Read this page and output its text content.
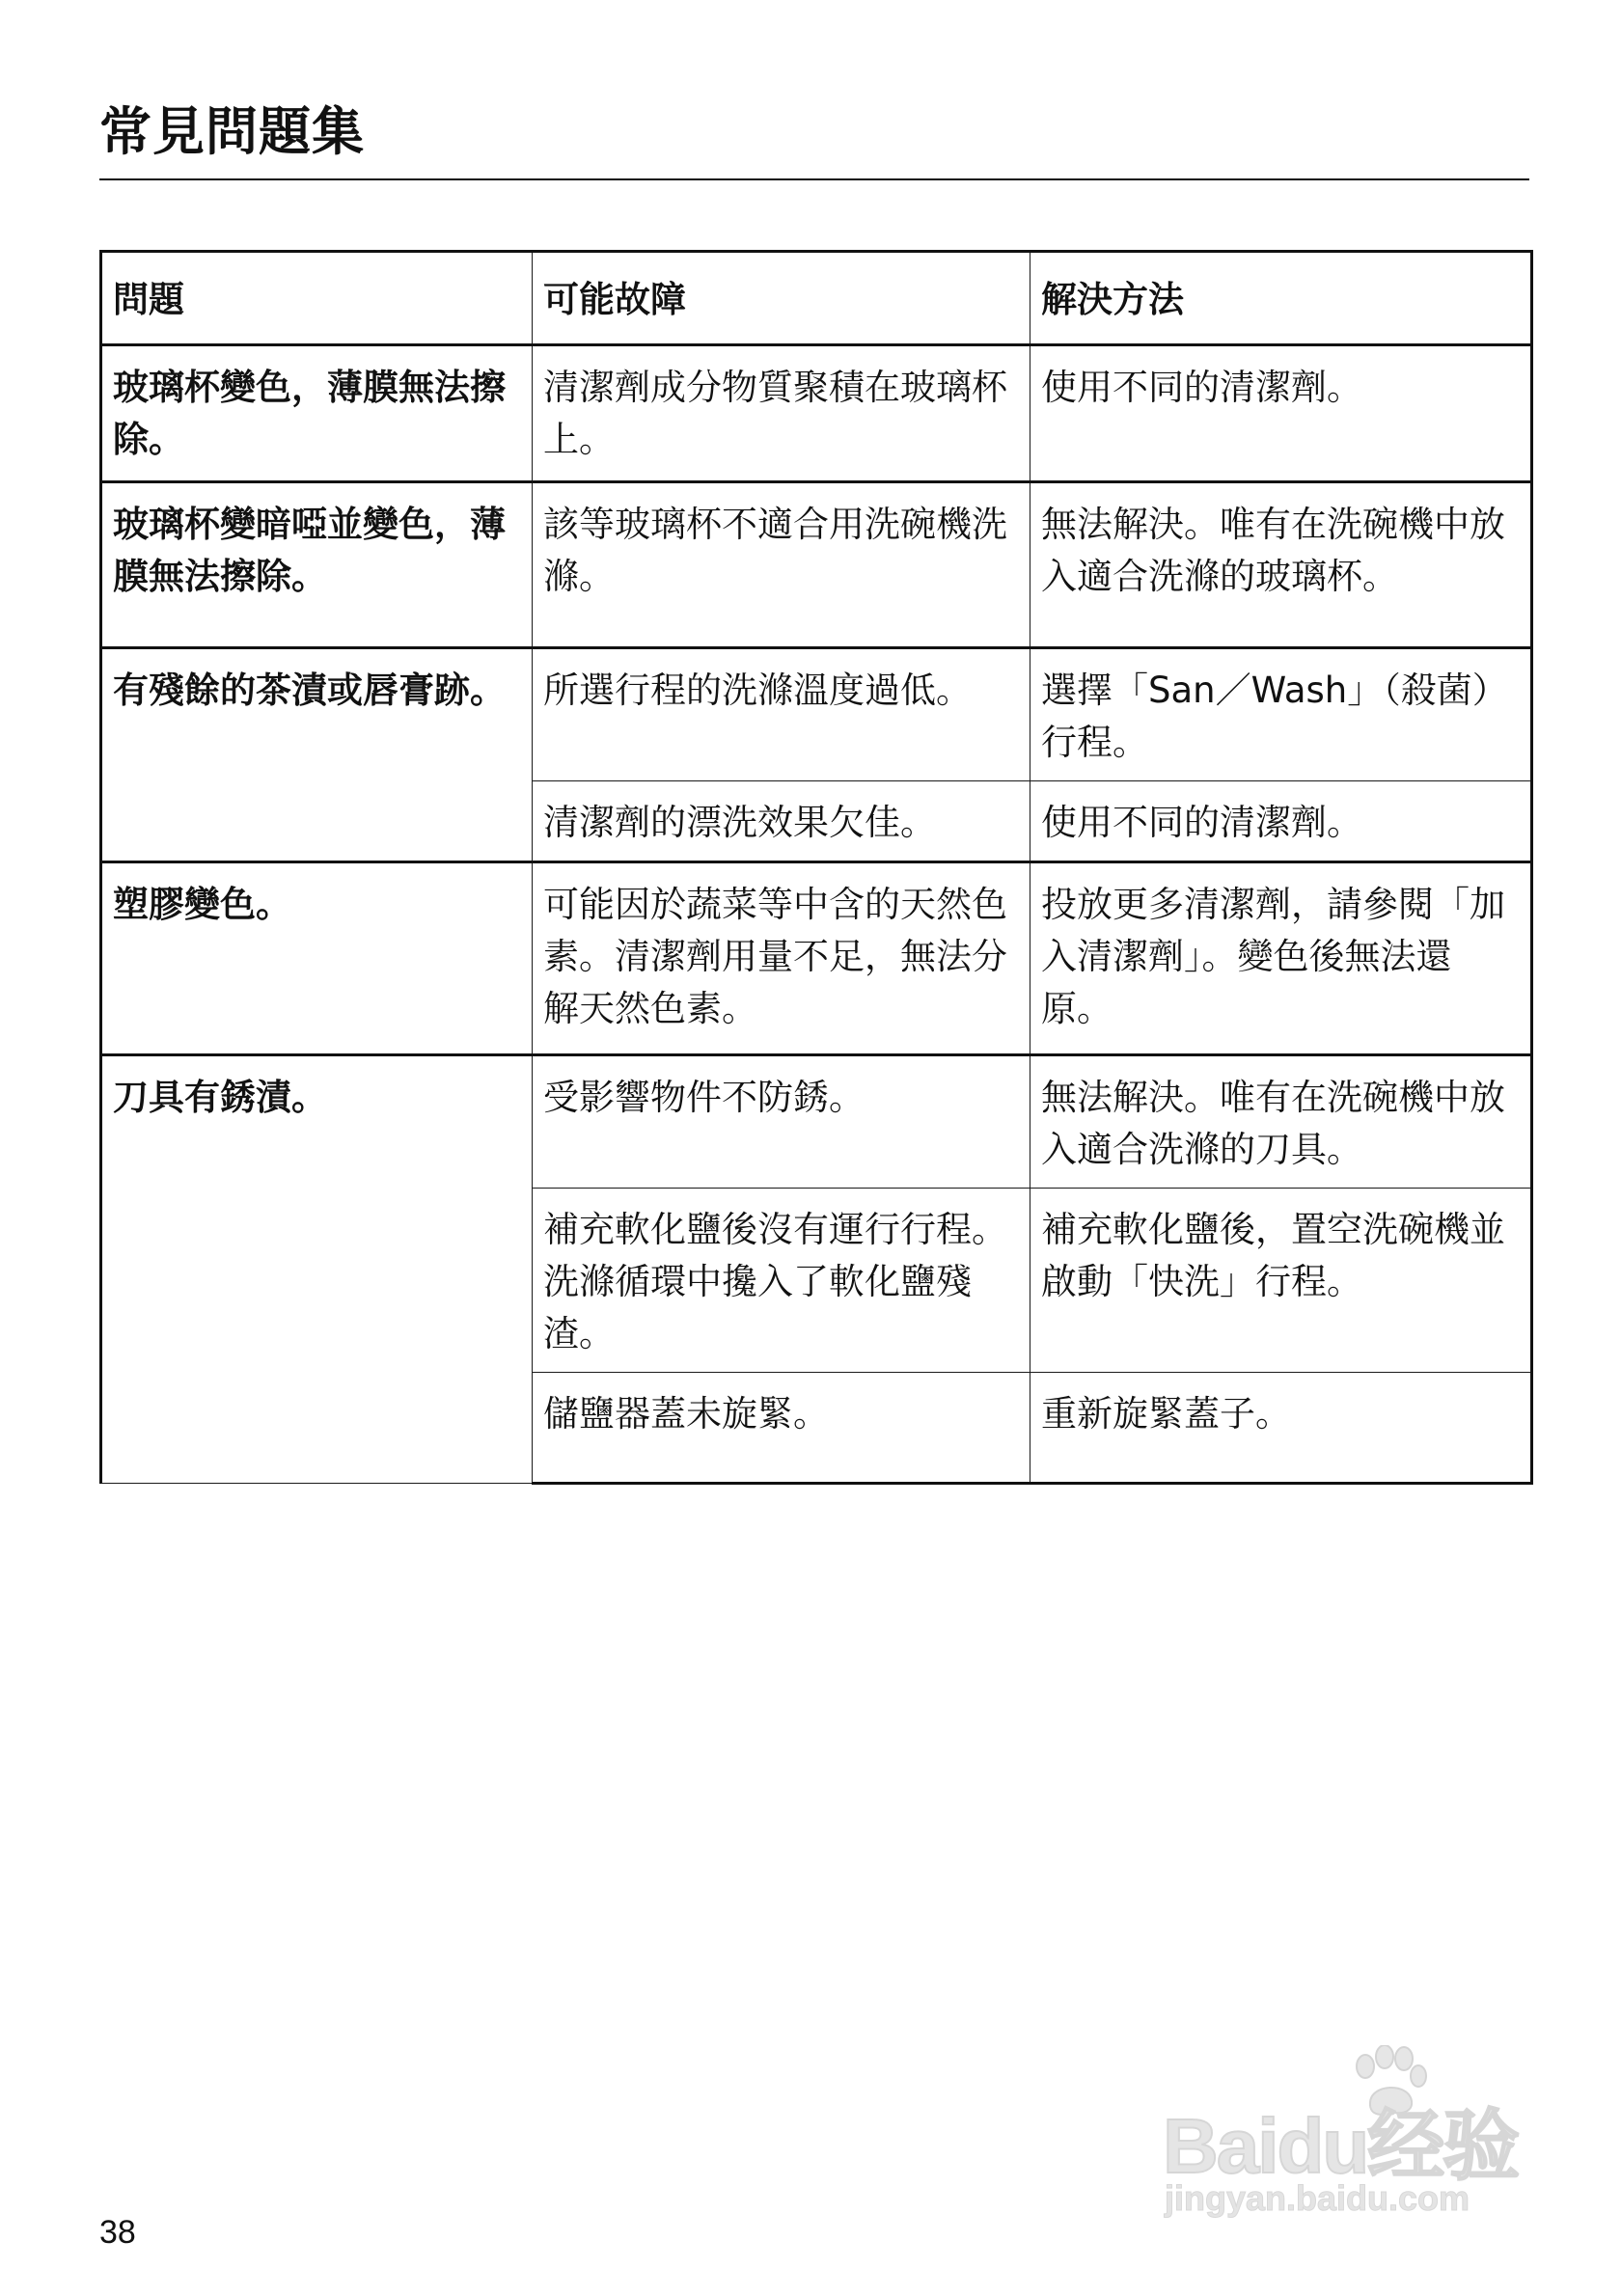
常見問題集
問題	可能故障	解決方法
玻璃杯變色，薄膜無法擦除。	清潔劑成分物質聚積在玻璃杯上。	使用不同的清潔劑。
玻璃杯變暗啞並變色，薄膜無法擦除。	該等玻璃杯不適合用洗碗機洗滌。	無法解決。唯有在洗碗機中放入適合洗滌的玻璃杯。
有殘餘的茶漬或唇膏跡。	所選行程的洗滌溫度過低。	選擇「San／Wash」（殺菌）行程。
	清潔劑的漂洗效果欠佳。	使用不同的清潔劑。
塑膠變色。	可能因於蔬菜等中含的天然色素。清潔劑用量不足，無法分解天然色素。	投放更多清潔劑，請參閱「加入清潔劑」。變色後無法還原。
刀具有銹漬。	受影響物件不防銹。	無法解決。唯有在洗碗機中放入適合洗滌的刀具。
	補充軟化鹽後沒有運行行程。洗滌循環中攙入了軟化鹽殘渣。	補充軟化鹽後，置空洗碗機並啟動「快洗」行程。
	儲鹽器蓋未旋緊。	重新旋緊蓋子。
38
Baidu经验
jingyan.baidu.com
